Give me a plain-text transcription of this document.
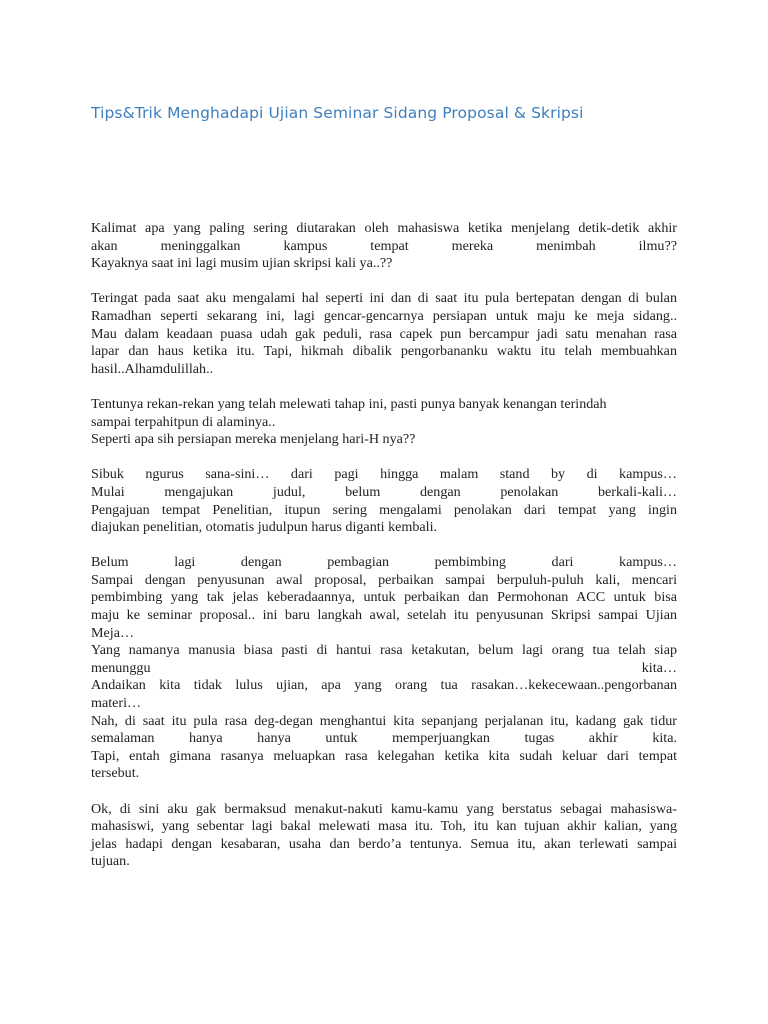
Tips&Trik Menghadapi Ujian Seminar Sidang Proposal & Skripsi

Kalimat apa yang paling sering diutarakan oleh mahasiswa ketika menjelang detik-detik akhir
akan meninggalkan kampus tempat mereka menimbah ilmu??
Kayaknya saat ini lagi musim ujian skripsi kali ya..??

Teringat pada saat aku mengalami hal seperti ini dan di saat itu pula bertepatan dengan di bulan
Ramadhan seperti sekarang ini, lagi gencar-gencarnya persiapan untuk maju ke meja sidang..
Mau dalam keadaan puasa udah gak peduli, rasa capek pun bercampur jadi satu menahan rasa
lapar dan haus ketika itu. Tapi, hikmah dibalik pengorbananku waktu itu telah membuahkan
hasil..Alhamdulillah..

Tentunya rekan-rekan yang telah melewati tahap ini, pasti punya banyak kenangan terindah
sampai terpahitpun di alaminya..
Seperti apa sih persiapan mereka menjelang hari-H nya??

Sibuk ngurus sana-sini… dari pagi hingga malam stand by di kampus…
Mulai mengajukan judul, belum dengan penolakan berkali-kali…
Pengajuan tempat Penelitian, itupun sering mengalami penolakan dari tempat yang ingin
diajukan penelitian, otomatis judulpun harus diganti kembali.

Belum lagi dengan pembagian pembimbing dari kampus…
Sampai dengan penyusunan awal proposal, perbaikan sampai berpuluh-puluh kali, mencari
pembimbing yang tak jelas keberadaannya, untuk perbaikan dan Permohonan ACC untuk bisa
maju ke seminar proposal.. ini baru langkah awal, setelah itu penyusunan Skripsi sampai Ujian
Meja…
Yang namanya manusia biasa pasti di hantui rasa ketakutan, belum lagi orang tua telah siap
menunggu kita…
Andaikan kita tidak lulus ujian, apa yang orang tua rasakan…kekecewaan..pengorbanan
materi…
Nah, di saat itu pula rasa deg-degan menghantui kita sepanjang perjalanan itu, kadang gak tidur
semalaman hanya hanya untuk memperjuangkan tugas akhir kita.
Tapi, entah gimana rasanya meluapkan rasa kelegahan ketika kita sudah keluar dari tempat
tersebut.

Ok, di sini aku gak bermaksud menakut-nakuti kamu-kamu yang berstatus sebagai mahasiswa-
mahasiswi, yang sebentar lagi bakal melewati masa itu. Toh, itu kan tujuan akhir kalian, yang
jelas hadapi dengan kesabaran, usaha dan berdo’a tentunya. Semua itu, akan terlewati sampai
tujuan.
